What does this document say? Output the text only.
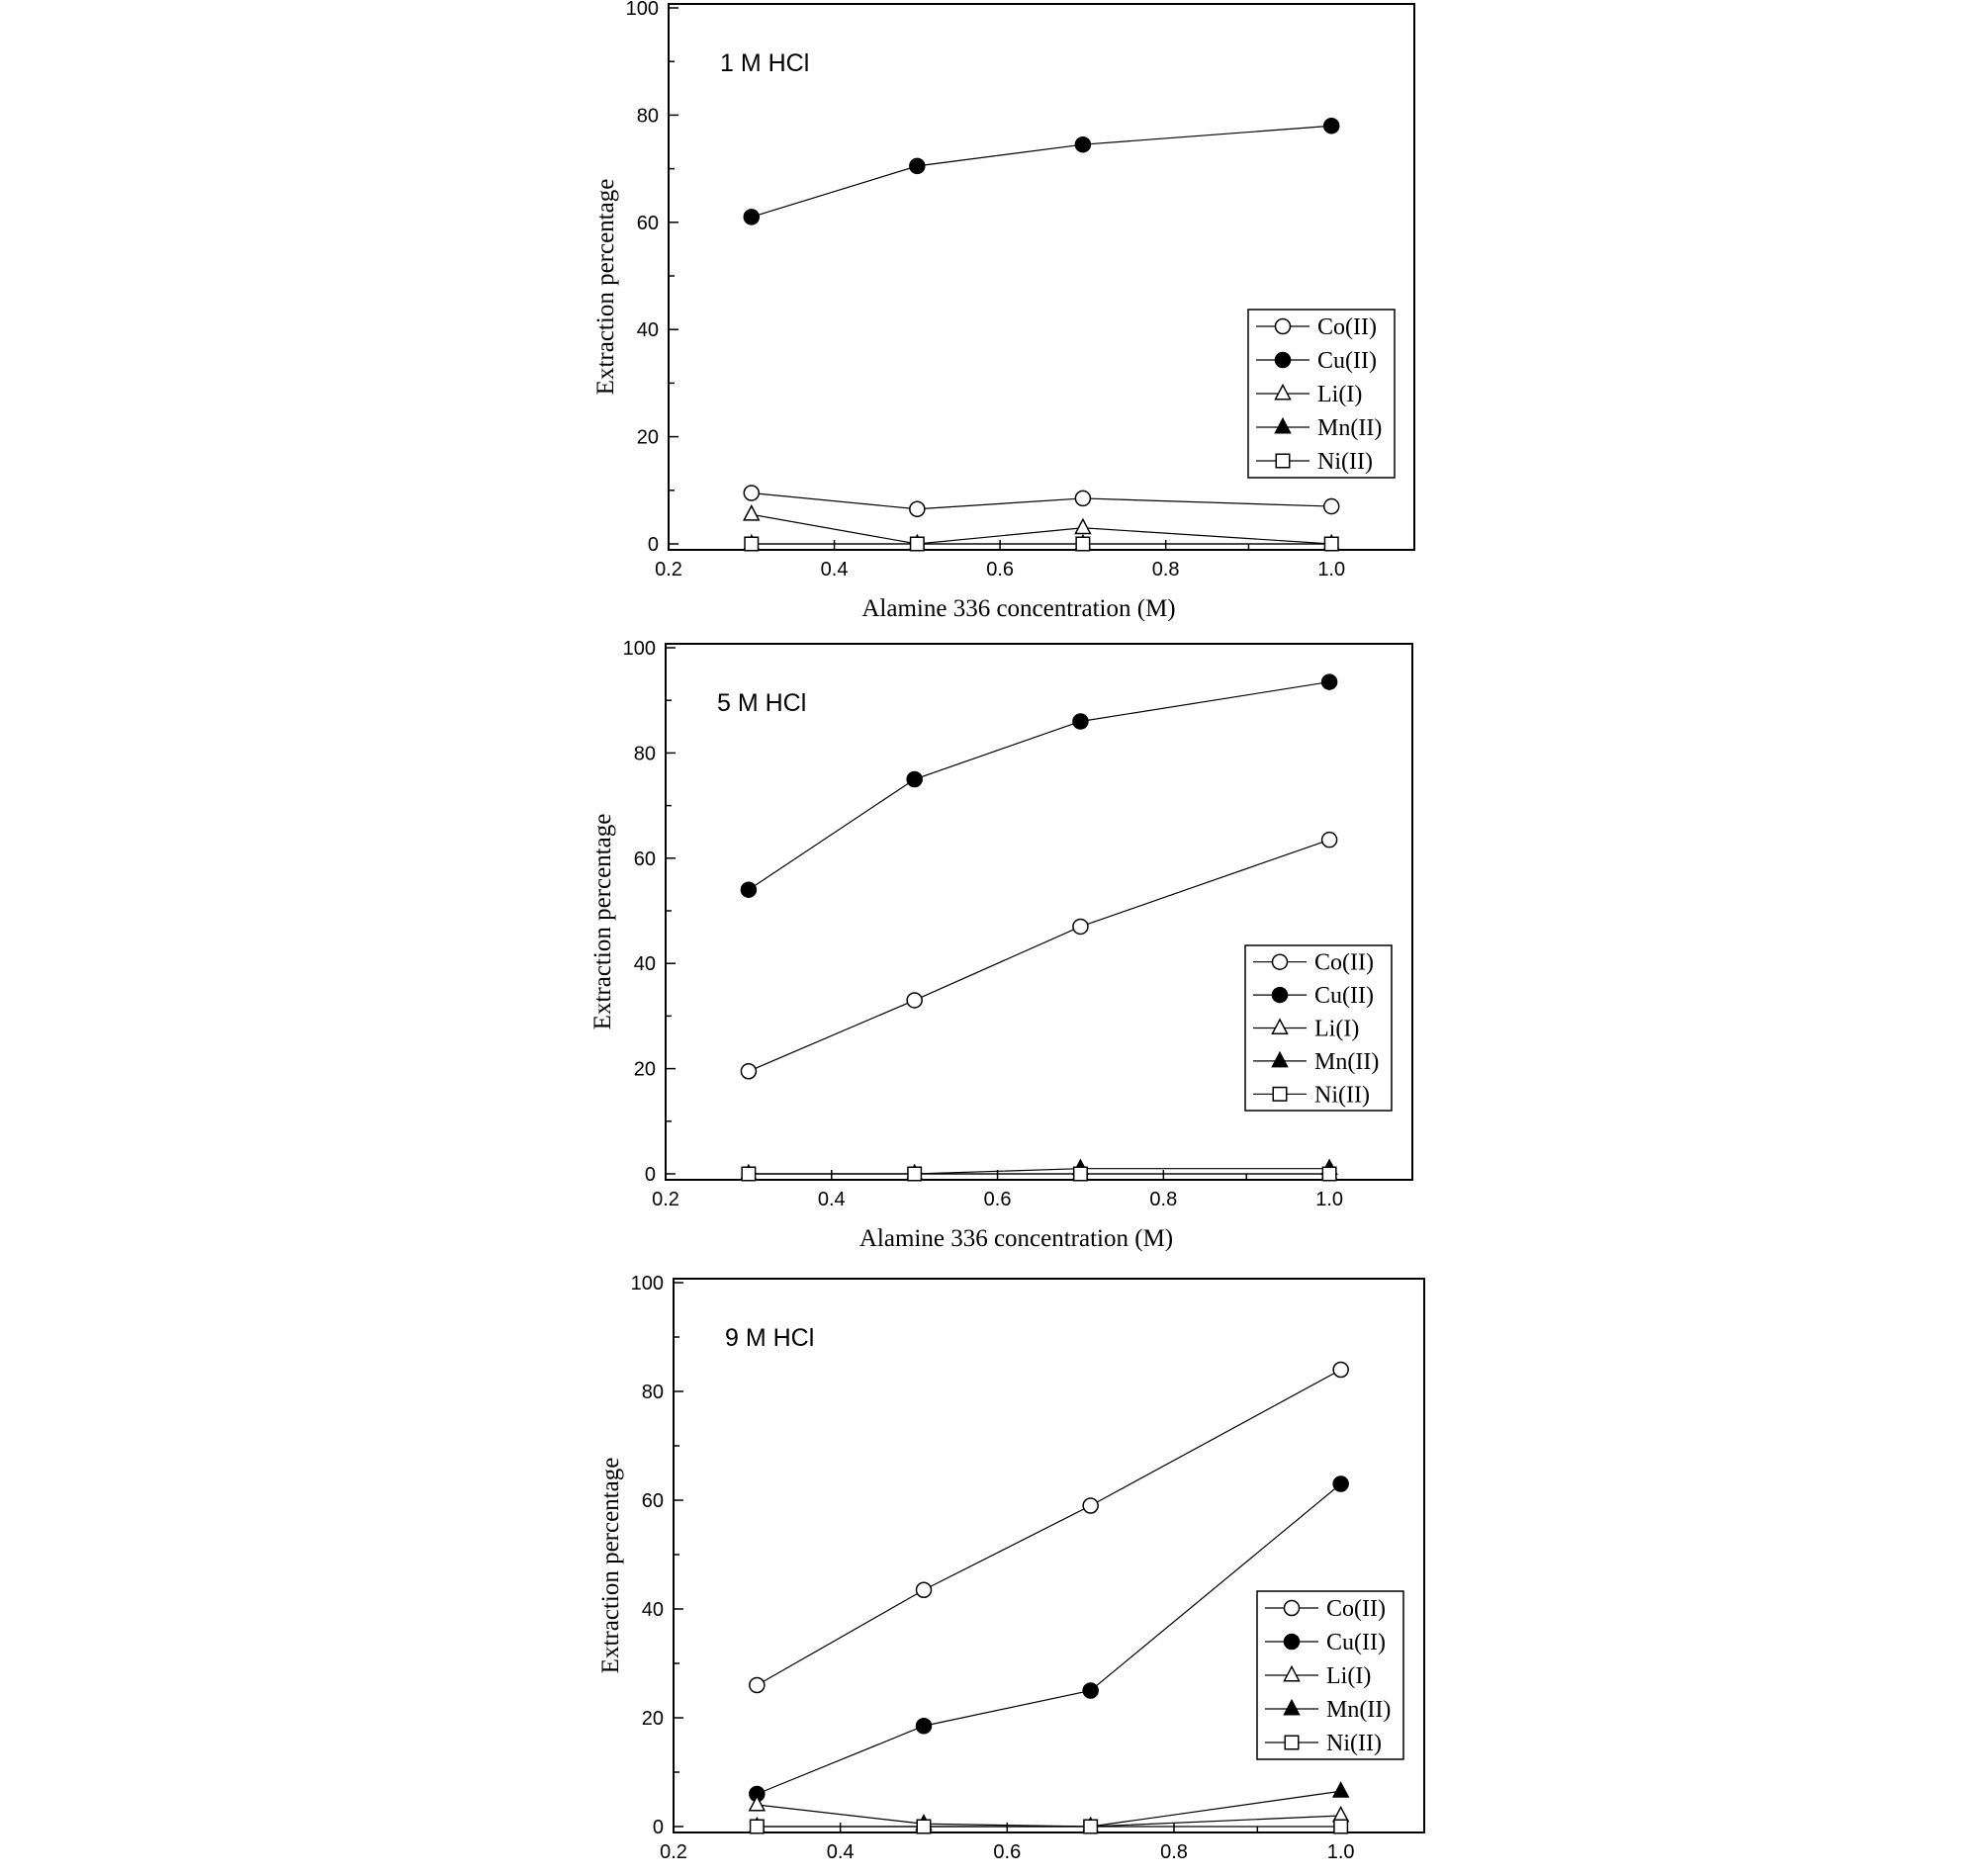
0
20
40
60
80
100
0.2	0.4	0.6	0.8	1.0
Alamine 336 concentration (M)
Extraction percentage
1 M HCl
Co(II)
Cu(II)
Li(I)
Mn(II)
Ni(II)
0
20
40
60
80
100
0.2	0.4	0.6	0.8	1.0
Alamine 336 concentration (M)
Extraction percentage
5 M HCl
Co(II)
Cu(II)
Li(I)
Mn(II)
Ni(II)
0
20
40
60
80
100
0.2	0.4	0.6	0.8	1.0
Extraction percentage
9 M HCl
Co(II)
Cu(II)
Li(I)
Mn(II)
Ni(II)
